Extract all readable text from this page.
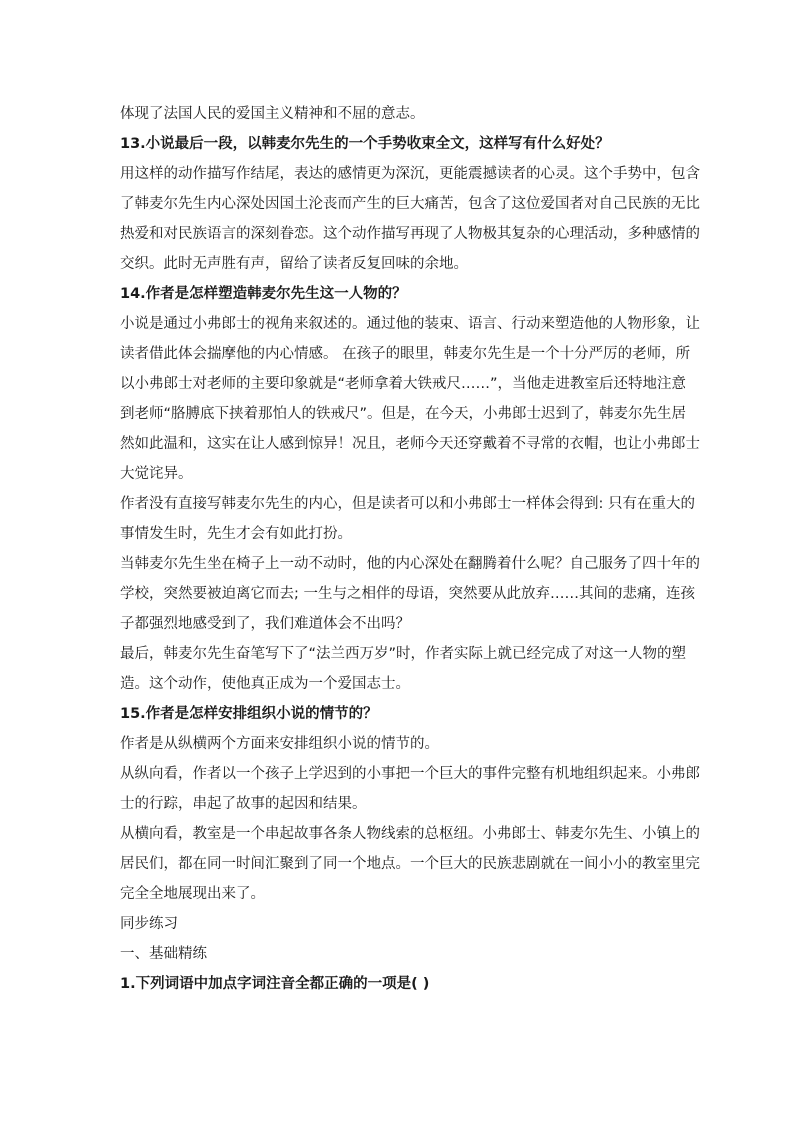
体现了法国人民的爱国主义精神和不屈的意志。
13.小说最后一段，以韩麦尔先生的一个手势收束全文，这样写有什么好处？
用这样的动作描写作结尾，表达的感情更为深沉，更能震撼读者的心灵。这个手势中，包含
了韩麦尔先生内心深处因国土沦丧而产生的巨大痛苦，包含了这位爱国者对自己民族的无比
热爱和对民族语言的深刻眷恋。这个动作描写再现了人物极其复杂的心理活动，多种感情的
交织。此时无声胜有声，留给了读者反复回味的余地。
14.作者是怎样塑造韩麦尔先生这一人物的？
小说是通过小弗郎士的视角来叙述的。通过他的装束、语言、行动来塑造他的人物形象，让
读者借此体会揣摩他的内心情感。 在孩子的眼里，韩麦尔先生是一个十分严厉的老师，所
以小弗郎士对老师的主要印象就是“老师拿着大铁戒尺……”，当他走进教室后还特地注意
到老师“胳膊底下挟着那怕人的铁戒尺”。但是，在今天，小弗郎士迟到了，韩麦尔先生居
然如此温和，这实在让人感到惊异！况且，老师今天还穿戴着不寻常的衣帽，也让小弗郎士
大觉诧异。
作者没有直接写韩麦尔先生的内心，但是读者可以和小弗郎士一样体会得到: 只有在重大的
事情发生时，先生才会有如此打扮。
当韩麦尔先生坐在椅子上一动不动时，他的内心深处在翻腾着什么呢？自己服务了四十年的
学校，突然要被迫离它而去; 一生与之相伴的母语，突然要从此放弃……其间的悲痛，连孩
子都强烈地感受到了，我们难道体会不出吗？
最后，韩麦尔先生奋笔写下了“法兰西万岁”时，作者实际上就已经完成了对这一人物的塑
造。这个动作，使他真正成为一个爱国志士。
15.作者是怎样安排组织小说的情节的？
作者是从纵横两个方面来安排组织小说的情节的。
从纵向看，作者以一个孩子上学迟到的小事把一个巨大的事件完整有机地组织起来。小弗郎
士的行踪，串起了故事的起因和结果。
从横向看，教室是一个串起故事各条人物线索的总枢纽。小弗郎士、韩麦尔先生、小镇上的
居民们，都在同一时间汇聚到了同一个地点。一个巨大的民族悲剧就在一间小小的教室里完
完全全地展现出来了。
同步练习
一、基础精练
1.下列词语中加点字词注音全都正确的一项是( )
